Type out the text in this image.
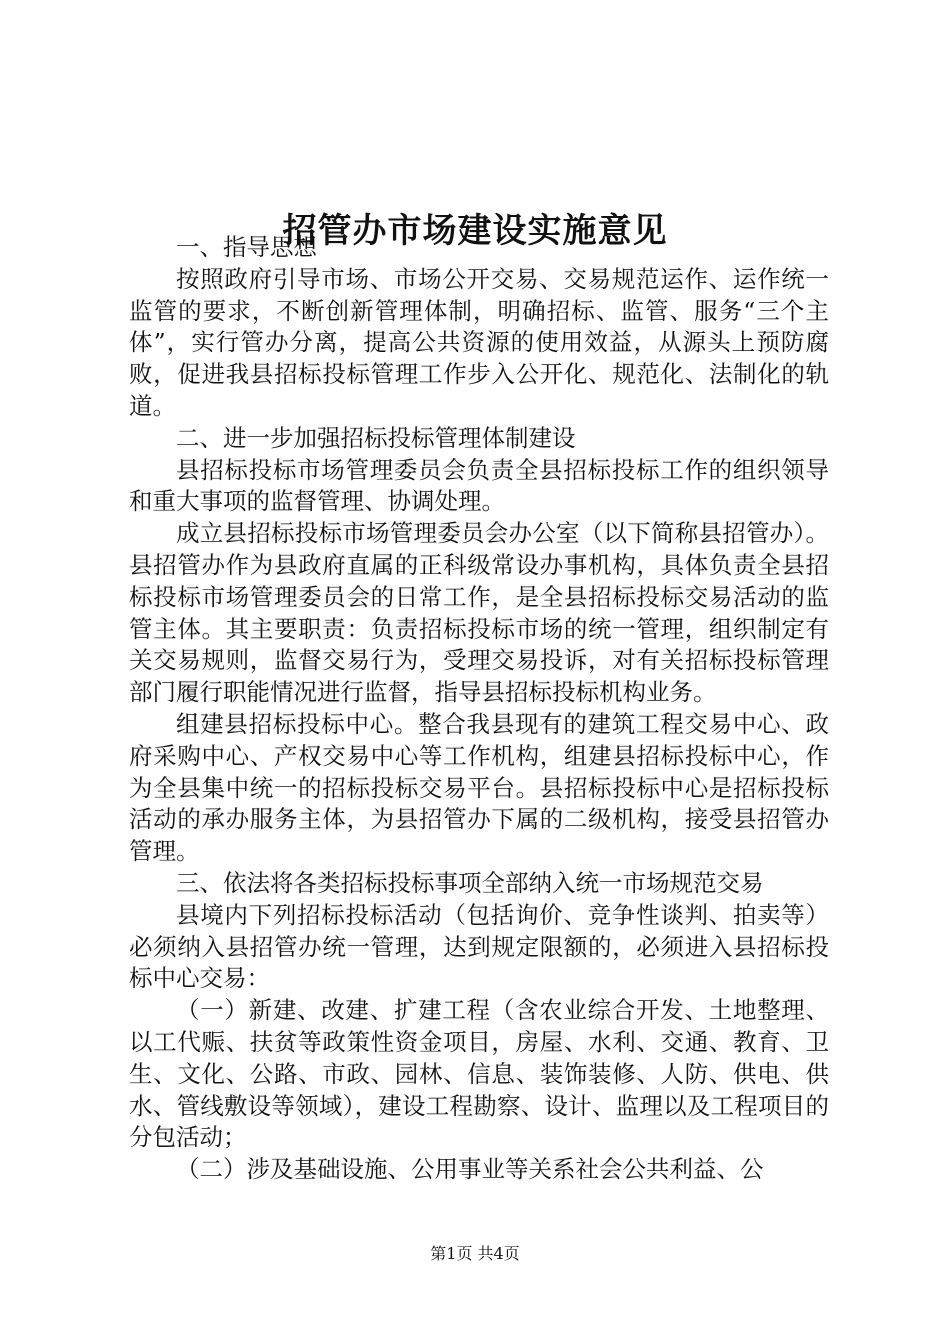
招管办市场建设实施意见

一、指导思想

按照政府引导市场、市场公开交易、交易规范运作、运作统一监管的要求，不断创新管理体制，明确招标、监管、服务“三个主体”，实行管办分离，提高公共资源的使用效益，从源头上预防腐败，促进我县招标投标管理工作步入公开化、规范化、法制化的轨道。

二、进一步加强招标投标管理体制建设

县招标投标市场管理委员会负责全县招标投标工作的组织领导和重大事项的监督管理、协调处理。

成立县招标投标市场管理委员会办公室（以下简称县招管办）。县招管办作为县政府直属的正科级常设办事机构，具体负责全县招标投标市场管理委员会的日常工作，是全县招标投标交易活动的监管主体。其主要职责：负责招标投标市场的统一管理，组织制定有关交易规则，监督交易行为，受理交易投诉，对有关招标投标管理部门履行职能情况进行监督，指导县招标投标机构业务。

组建县招标投标中心。整合我县现有的建筑工程交易中心、政府采购中心、产权交易中心等工作机构，组建县招标投标中心，作为全县集中统一的招标投标交易平台。县招标投标中心是招标投标活动的承办服务主体，为县招管办下属的二级机构，接受县招管办管理。

三、依法将各类招标投标事项全部纳入统一市场规范交易

县境内下列招标投标活动（包括询价、竞争性谈判、拍卖等）必须纳入县招管办统一管理，达到规定限额的，必须进入县招标投标中心交易：

（一）新建、改建、扩建工程（含农业综合开发、土地整理、以工代赈、扶贫等政策性资金项目，房屋、水利、交通、教育、卫生、文化、公路、市政、园林、信息、装饰装修、人防、供电、供水、管线敷设等领域），建设工程勘察、设计、监理以及工程项目的分包活动；

（二）涉及基础设施、公用事业等关系社会公共利益、公

第1页 共4页
